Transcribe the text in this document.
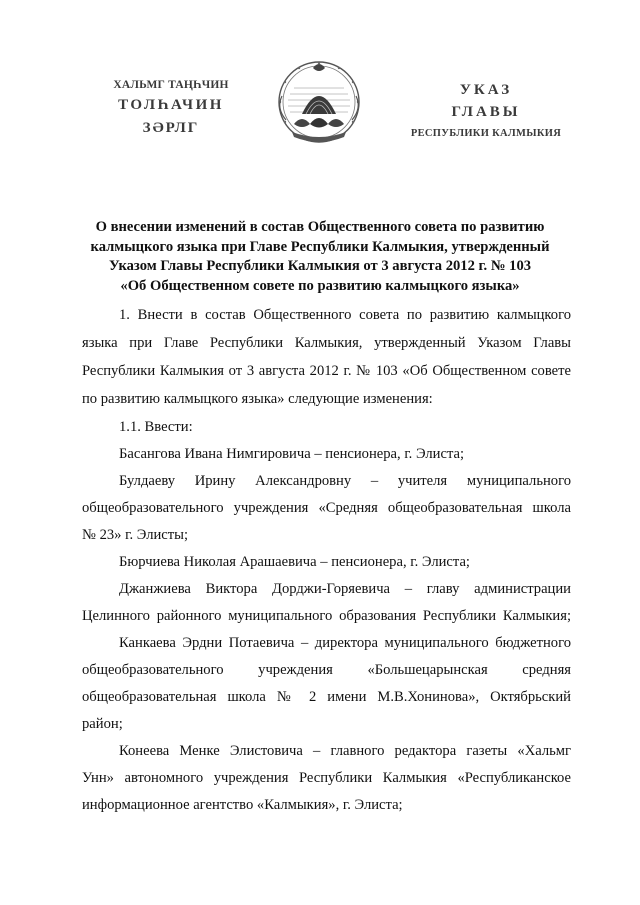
ХАЛЬМГ ТАҢҺЧИН
ТОЛҺАЧИН
ЗӘРЛГ
УКАЗ
ГЛАВЫ
РЕСПУБЛИКИ КАЛМЫКИЯ
О внесении изменений в состав Общественного совета по развитию
калмыцкого языка при Главе Республики Калмыкия, утвержденный
Указом Главы Республики Калмыкия от 3 августа 2012 г. № 103
«Об Общественном совете по развитию калмыцкого языка»
1. Внести в состав Общественного совета по развитию калмыцкого
языка при Главе Республики Калмыкия, утвержденный Указом Главы
Республики Калмыкия от 3 августа 2012 г. № 103 «Об Общественном совете
по развитию калмыцкого языка» следующие изменения:
1.1. Ввести:
Басангова Ивана Нимгировича – пенсионера, г. Элиста;
Булдаеву Ирину Александровну – учителя муниципального
общеобразовательного учреждения «Средняя общеобразовательная школа
№ 23» г. Элисты;
Бюрчиева Николая Арашаевича – пенсионера, г. Элиста;
Джанжиева Виктора Дорджи-Горяевича – главу администрации
Целинного районного муниципального образования Республики Калмыкия;
Канкаева Эрдни Потаевича – директора муниципального бюджетного
общеобразовательного учреждения «Большецарынская средняя
общеобразовательная школа № 2 имени М.В.Хонинова», Октябрьский
район;
Конеева Менке Элистовича – главного редактора газеты «Хальмг
Унн» автономного учреждения Республики Калмыкия «Республиканское
информационное агентство «Калмыкия», г. Элиста;
